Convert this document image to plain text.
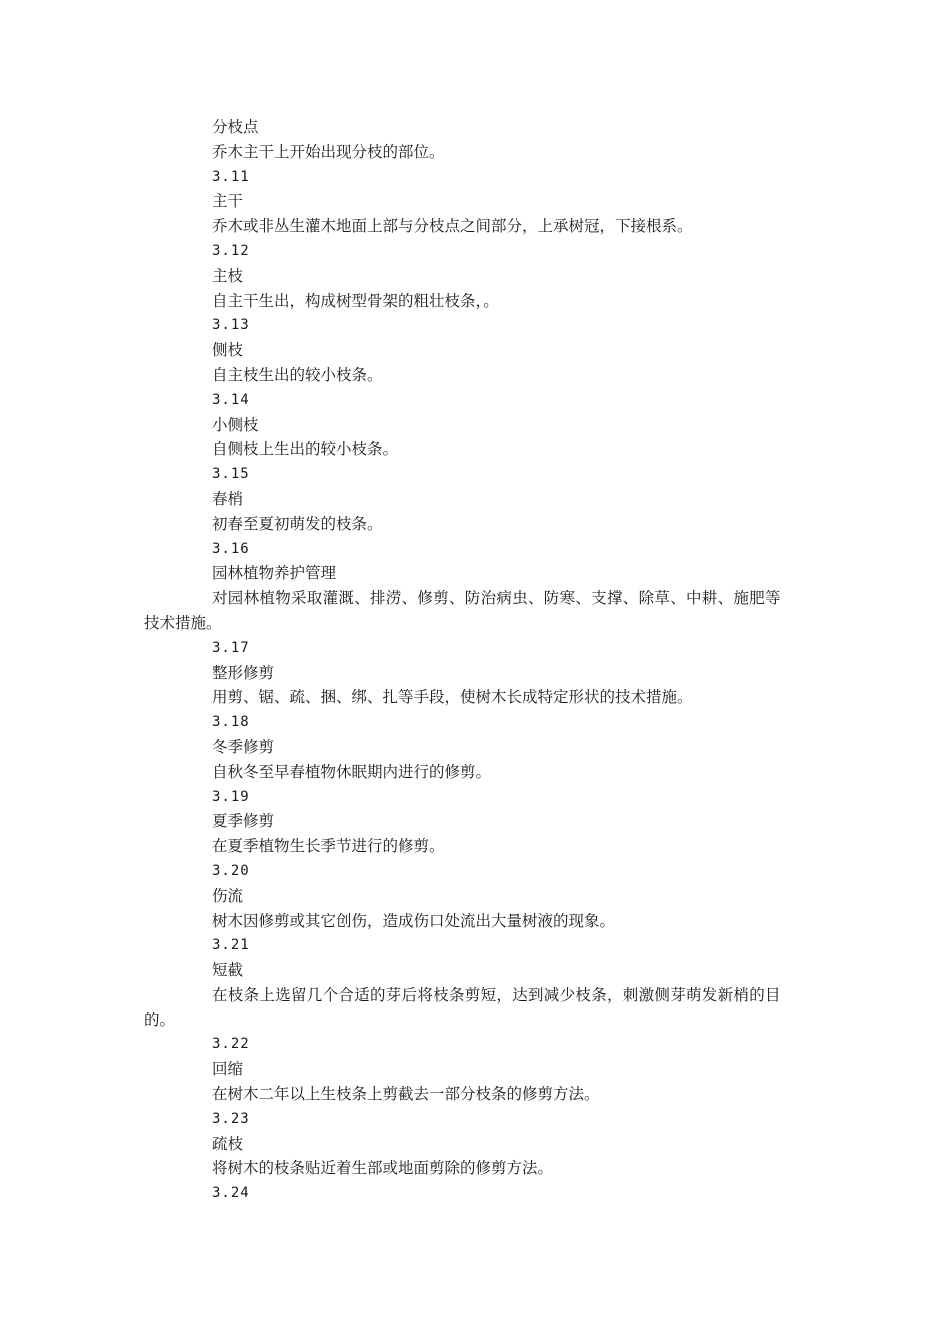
分枝点
乔木主干上开始出现分枝的部位。
3.11
主干
乔木或非丛生灌木地面上部与分枝点之间部分，上承树冠，下接根系。
3.12
主枝
自主干生出，构成树型骨架的粗壮枝条，。
3.13
侧枝
自主枝生出的较小枝条。
3.14
小侧枝
自侧枝上生出的较小枝条。
3.15
春梢
初春至夏初萌发的枝条。
3.16
园林植物养护管理
对园林植物采取灌溉、排涝、修剪、防治病虫、防寒、支撑、除草、中耕、施肥等
技术措施。
3.17
整形修剪
用剪、锯、疏、捆、绑、扎等手段，使树木长成特定形状的技术措施。
3.18
冬季修剪
自秋冬至早春植物休眠期内进行的修剪。
3.19
夏季修剪
在夏季植物生长季节进行的修剪。
3.20
伤流
树木因修剪或其它创伤，造成伤口处流出大量树液的现象。
3.21
短截
在枝条上选留几个合适的芽后将枝条剪短，达到减少枝条，刺激侧芽萌发新梢的目
的。
3.22
回缩
在树木二年以上生枝条上剪截去一部分枝条的修剪方法。
3.23
疏枝
将树木的枝条贴近着生部或地面剪除的修剪方法。
3.24
